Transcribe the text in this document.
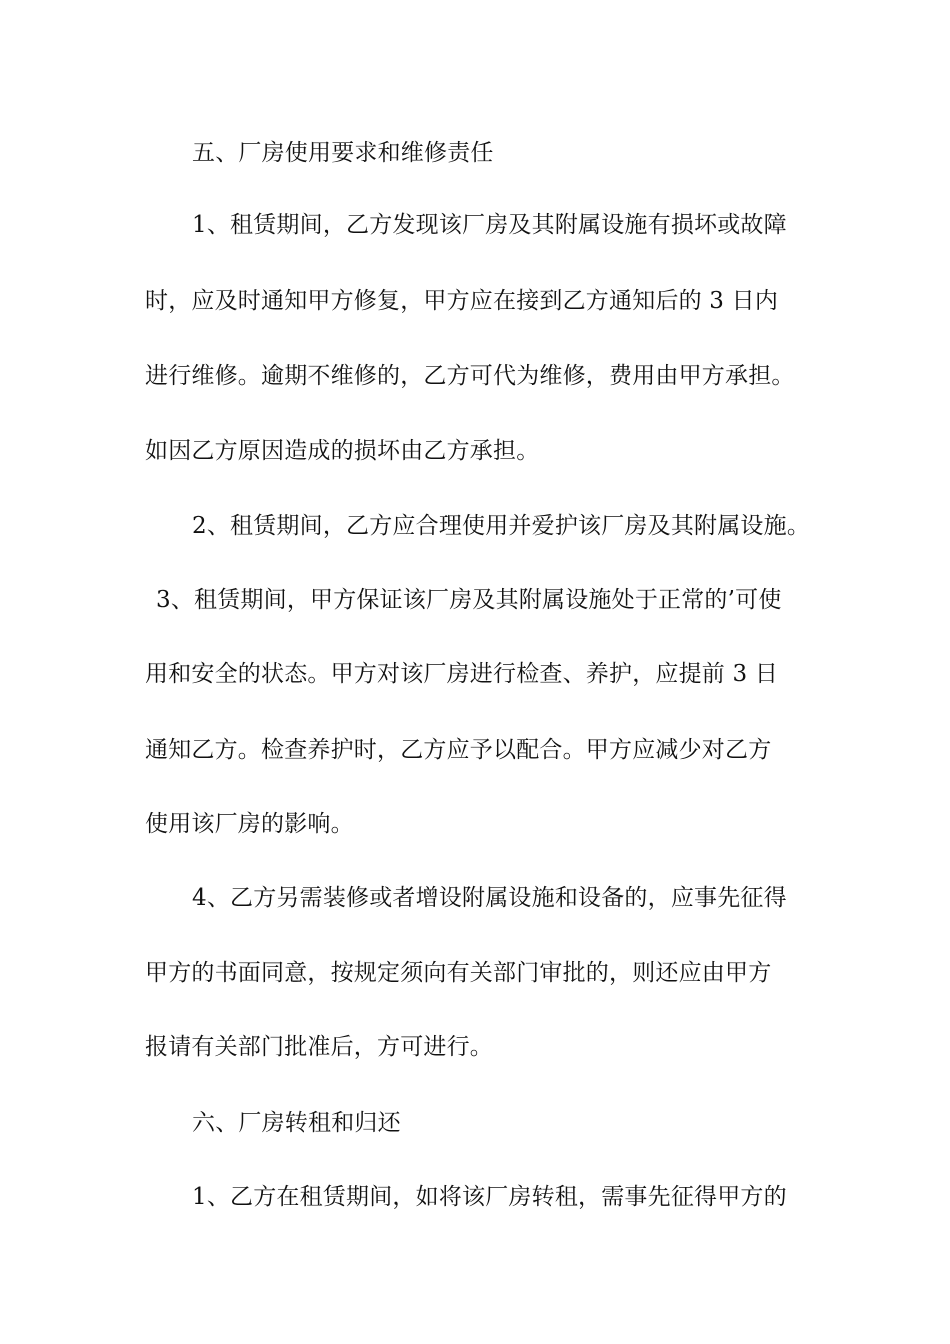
五、厂房使用要求和维修责任
1、租赁期间，乙方发现该厂房及其附属设施有损坏或故障
时，应及时通知甲方修复，甲方应在接到乙方通知后的 3 日内
进行维修。逾期不维修的，乙方可代为维修，费用由甲方承担。
如因乙方原因造成的损坏由乙方承担。
2、租赁期间，乙方应合理使用并爱护该厂房及其附属设施。
3、租赁期间，甲方保证该厂房及其附属设施处于正常的’可使
用和安全的状态。甲方对该厂房进行检查、养护，应提前 3 日
通知乙方。检查养护时，乙方应予以配合。甲方应减少对乙方
使用该厂房的影响。
4、乙方另需装修或者增设附属设施和设备的，应事先征得
甲方的书面同意，按规定须向有关部门审批的，则还应由甲方
报请有关部门批准后，方可进行。
六、厂房转租和归还
1、乙方在租赁期间，如将该厂房转租，需事先征得甲方的
